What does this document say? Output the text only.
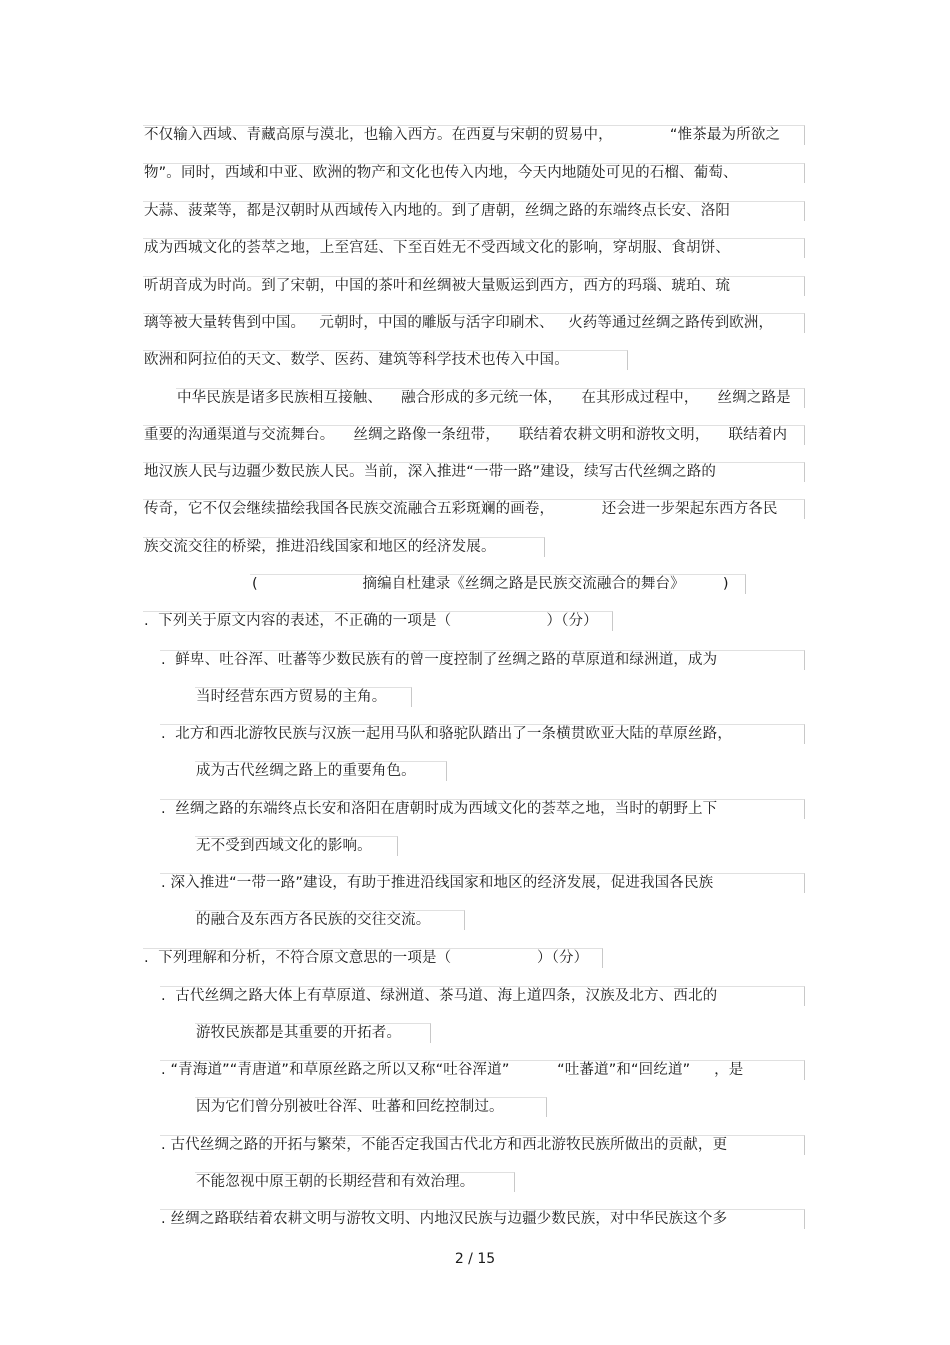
不仅输入西域、青藏高原与漠北，也输入西方。在西夏与宋朝的贸易中，            “惟茶最为所欲之
物”。同时，西域和中亚、欧洲的物产和文化也传入内地，今天内地随处可见的石榴、葡萄、
大蒜、菠菜等，都是汉朝时从西域传入内地的。到了唐朝，丝绸之路的东端终点长安、洛阳
成为西城文化的荟萃之地，上至宫廷、下至百姓无不受西域文化的影响，穿胡服、食胡饼、
听胡音成为时尚。到了宋朝，中国的茶叶和丝绸被大量贩运到西方，西方的玛瑙、琥珀、琉
璃等被大量转售到中国。   元朝时，中国的雕版与活字印刷术、   火药等通过丝绸之路传到欧洲，
欧洲和阿拉伯的天文、数学、医药、建筑等科学技术也传入中国。
中华民族是诸多民族相互接触、    融合形成的多元统一体，    在其形成过程中，    丝绸之路是
重要的沟通渠道与交流舞台。    丝绸之路像一条纽带，    联结着农耕文明和游牧文明，    联结着内
地汉族人民与边疆少数民族人民。当前，深入推进“一带一路”建设，续写古代丝绸之路的
传奇，它不仅会继续描绘我国各民族交流融合五彩斑斓的画卷，          还会进一步架起东西方各民
族交流交往的桥梁，推进沿线国家和地区的经济发展。
(                      摘编自杜建录《丝绸之路是民族交流融合的舞台》        )
.  下列关于原文内容的表述，不正确的一项是（                    ）（分）
.  鲜卑、吐谷浑、吐蕃等少数民族有的曾一度控制了丝绸之路的草原道和绿洲道，成为
当时经营东西方贸易的主角。
.  北方和西北游牧民族与汉族一起用马队和骆驼队踏出了一条横贯欧亚大陆的草原丝路，
成为古代丝绸之路上的重要角色。
.  丝绸之路的东端终点长安和洛阳在唐朝时成为西域文化的荟萃之地，当时的朝野上下
无不受到西域文化的影响。
. 深入推进“一带一路”建设，有助于推进沿线国家和地区的经济发展，促进我国各民族
的融合及东西方各民族的交往交流。
.  下列理解和分析，不符合原文意思的一项是（                  ）（分）
.  古代丝绸之路大体上有草原道、绿洲道、茶马道、海上道四条，汉族及北方、西北的
游牧民族都是其重要的开拓者。
. “青海道”“青唐道”和草原丝路之所以又称“吐谷浑道”          “吐蕃道”和“回纥道”     ，是
因为它们曾分别被吐谷浑、吐蕃和回纥控制过。
. 古代丝绸之路的开拓与繁荣，不能否定我国古代北方和西北游牧民族所做出的贡献，更
不能忽视中原王朝的长期经营和有效治理。
. 丝绸之路联结着农耕文明与游牧文明、内地汉民族与边疆少数民族，对中华民族这个多
2 / 15
